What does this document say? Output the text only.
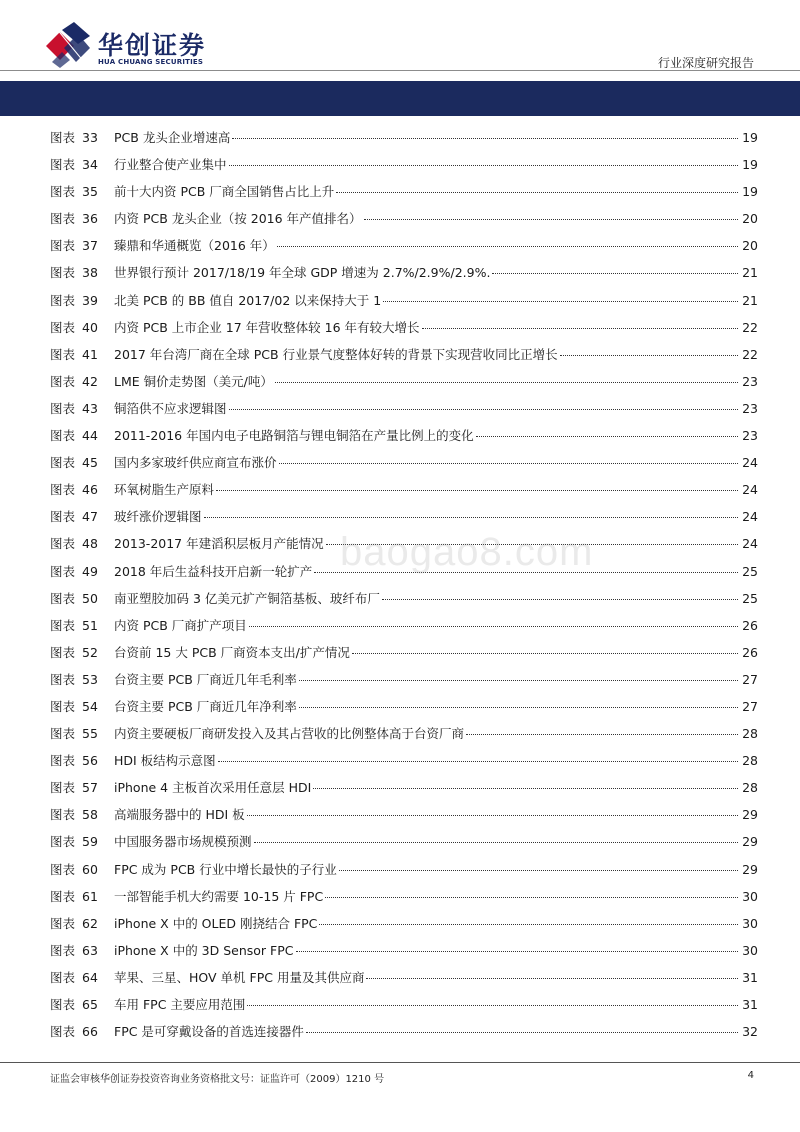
华创证券
HUA CHUANG SECURITIES	行业深度研究报告
图表 33	PCB 龙头企业增速高	19
图表 34	行业整合使产业集中	19
图表 35	前十大内资 PCB 厂商全国销售占比上升	19
图表 36	内资 PCB 龙头企业（按 2016 年产值排名）	20
图表 37	臻鼎和华通概览（2016 年）	20
图表 38	世界银行预计 2017/18/19 年全球 GDP 增速为 2.7%/2.9%/2.9%.	21
图表 39	北美 PCB 的 BB 值自 2017/02 以来保持大于 1	21
图表 40	内资 PCB 上市企业 17 年营收整体较 16 年有较大增长	22
图表 41	2017 年台湾厂商在全球 PCB 行业景气度整体好转的背景下实现营收同比正增长	22
图表 42	LME 铜价走势图（美元/吨）	23
图表 43	铜箔供不应求逻辑图	23
图表 44	2011-2016 年国内电子电路铜箔与锂电铜箔在产量比例上的变化	23
图表 45	国内多家玻纤供应商宣布涨价	24
图表 46	环氧树脂生产原料	24
图表 47	玻纤涨价逻辑图	24
图表 48	2013-2017 年建滔积层板月产能情况	24
图表 49	2018 年后生益科技开启新一轮扩产	25
图表 50	南亚塑胶加码 3 亿美元扩产铜箔基板、玻纤布厂	25
图表 51	内资 PCB 厂商扩产项目	26
图表 52	台资前 15 大 PCB 厂商资本支出/扩产情况	26
图表 53	台资主要 PCB 厂商近几年毛利率	27
图表 54	台资主要 PCB 厂商近几年净利率	27
图表 55	内资主要硬板厂商研发投入及其占营收的比例整体高于台资厂商	28
图表 56	HDI 板结构示意图	28
图表 57	iPhone 4 主板首次采用任意层 HDI	28
图表 58	高端服务器中的 HDI 板	29
图表 59	中国服务器市场规模预测	29
图表 60	FPC 成为 PCB 行业中增长最快的子行业	29
图表 61	一部智能手机大约需要 10-15 片 FPC	30
图表 62	iPhone X 中的 OLED 刚挠结合 FPC	30
图表 63	iPhone X 中的 3D Sensor FPC	30
图表 64	苹果、三星、HOV 单机 FPC 用量及其供应商	31
图表 65	车用 FPC 主要应用范围	31
图表 66	FPC 是可穿戴设备的首选连接器件	32
baogao8.com
证监会审核华创证券投资咨询业务资格批文号：证监许可（2009）1210 号	4
